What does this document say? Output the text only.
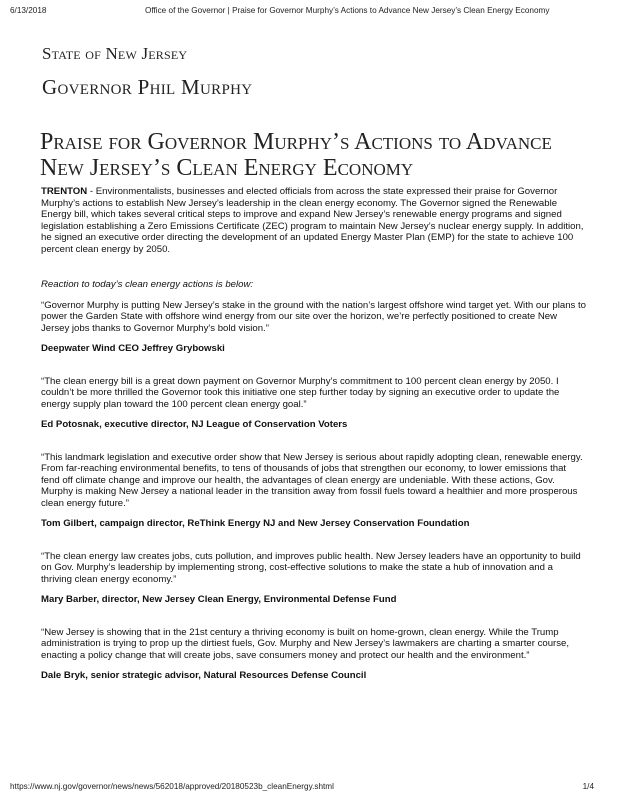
6/13/2018	Office of the Governor | Praise for Governor Murphy’s Actions to Advance New Jersey’s Clean Energy Economy
State of New Jersey
Governor Phil Murphy
Praise for Governor Murphy’s Actions to Advance
New Jersey’s Clean Energy Economy

TRENTON - Environmentalists, businesses and elected officials from across the state expressed their praise for Governor Murphy’s actions to establish New Jersey’s leadership in the clean energy economy. The Governor signed the Renewable Energy bill, which takes several critical steps to improve and expand New Jersey’s renewable energy programs and signed legislation establishing a Zero Emissions Certificate (ZEC) program to maintain New Jersey’s nuclear energy supply. In addition, he signed an executive order directing the development of an updated Energy Master Plan (EMP) for the state to achieve 100 percent clean energy by 2050.

Reaction to today’s clean energy actions is below:

“Governor Murphy is putting New Jersey’s stake in the ground with the nation’s largest offshore wind target yet. With our plans to power the Garden State with offshore wind energy from our site over the horizon, we’re perfectly positioned to create New Jersey jobs thanks to Governor Murphy's bold vision.”

Deepwater Wind CEO Jeffrey Grybowski

“The clean energy bill is a great down payment on Governor Murphy’s commitment to 100 percent clean energy by 2050. I couldn’t be more thrilled the Governor took this initiative one step further today by signing an executive order to update the energy supply plan toward the 100 percent clean energy goal.”

Ed Potosnak, executive director, NJ League of Conservation Voters

“This landmark legislation and executive order show that New Jersey is serious about rapidly adopting clean, renewable energy. From far-reaching environmental benefits, to tens of thousands of jobs that strengthen our economy, to lower emissions that fend off climate change and improve our health, the advantages of clean energy are undeniable. With these actions, Gov. Murphy is making New Jersey a national leader in the transition away from fossil fuels toward a healthier and more prosperous clean energy future.”

Tom Gilbert, campaign director, ReThink Energy NJ and New Jersey Conservation Foundation

“The clean energy law creates jobs, cuts pollution, and improves public health. New Jersey leaders have an opportunity to build on Gov. Murphy’s leadership by implementing strong, cost-effective solutions to make the state a hub of innovation and a thriving clean energy economy.”

Mary Barber, director, New Jersey Clean Energy, Environmental Defense Fund

“New Jersey is showing that in the 21st century a thriving economy is built on home-grown, clean energy. While the Trump administration is trying to prop up the dirtiest fuels, Gov. Murphy and New Jersey’s lawmakers are charting a smarter course, enacting a policy change that will create jobs, save consumers money and protect our health and the environment.”

Dale Bryk, senior strategic advisor, Natural Resources Defense Council

https://www.nj.gov/governor/news/news/562018/approved/20180523b_cleanEnergy.shtml	1/4
